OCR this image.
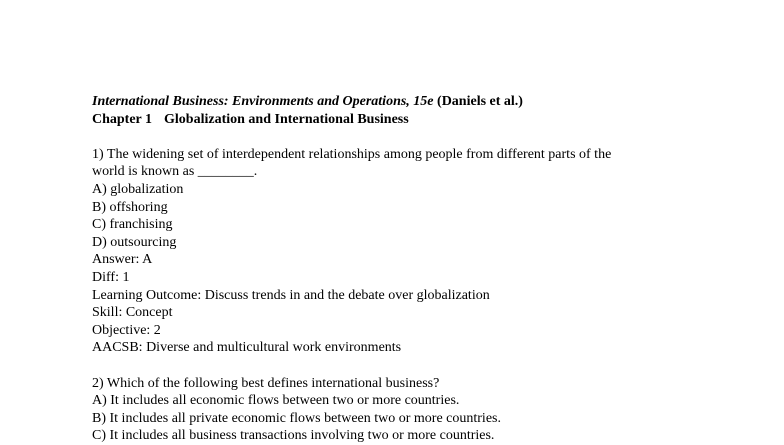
International Business: Environments and Operations, 15e (Daniels et al.)
Chapter 1 Globalization and International Business
1) The widening set of interdependent relationships among people from different parts of the
world is known as ________.
A) globalization
B) offshoring
C) franchising
D) outsourcing
Answer: A
Diff: 1
Learning Outcome: Discuss trends in and the debate over globalization
Skill: Concept
Objective: 2
AACSB: Diverse and multicultural work environments
2) Which of the following best defines international business?
A) It includes all economic flows between two or more countries.
B) It includes all private economic flows between two or more countries.
C) It includes all business transactions involving two or more countries.
